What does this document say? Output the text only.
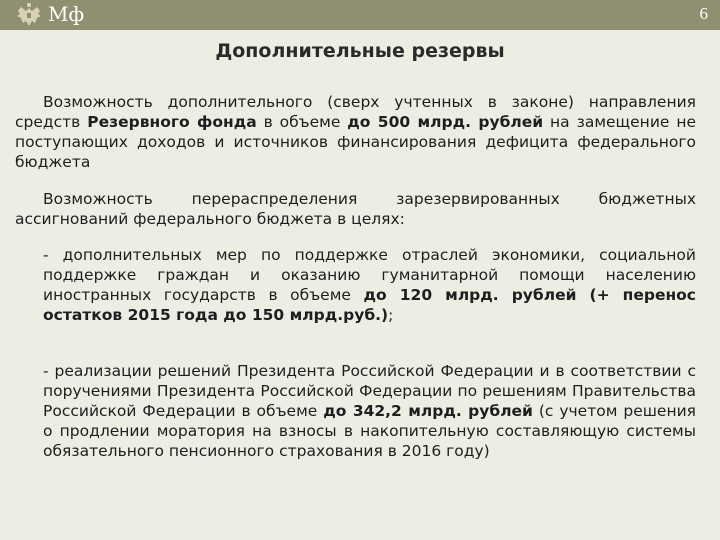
Мф	6
Дополнительные резервы

Возможность дополнительного (сверх учтенных в законе) направления средств Резервного фонда в объеме до 500 млрд. рублей на замещение не поступающих доходов и источников финансирования дефицита федерального бюджета

Возможность перераспределения зарезервированных бюджетных ассигнований федерального бюджета в целях:

- дополнительных мер по поддержке отраслей экономики, социальной поддержке граждан и оказанию гуманитарной помощи населению иностранных государств в объеме до 120 млрд. рублей (+ перенос остатков 2015 года до 150 млрд.руб.);

- реализации решений Президента Российской Федерации и в соответствии с поручениями Президента Российской Федерации по решениям Правительства Российской Федерации в объеме до 342,2 млрд. рублей (с учетом решения о продлении моратория на взносы в накопительную составляющую системы обязательного пенсионного страхования в 2016 году)
